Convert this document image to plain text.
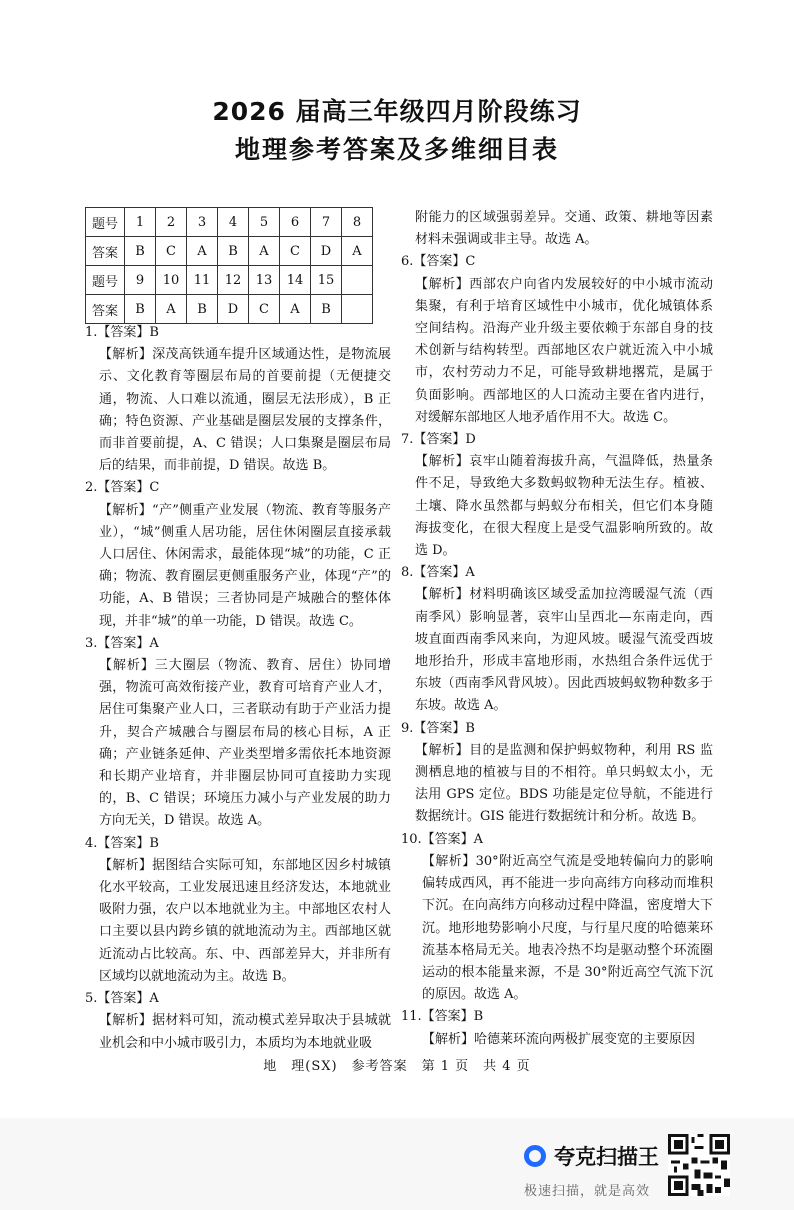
2026 届高三年级四月阶段练习
地理参考答案及多维细目表
题号	1	2	3	4	5	6	7	8
答案	B	C	A	B	A	C	D	A
题号	9	10	11	12	13	14	15	
答案	B	A	B	D	C	A	B	
1.【答案】B
【解析】深茂高铁通车提升区域通达性，是物流展示、文化教育等圈层布局的首要前提（无便捷交通，物流、人口难以流通，圈层无法形成），B 正确；特色资源、产业基础是圈层发展的支撑条件，而非首要前提，A、C 错误；人口集聚是圈层布局后的结果，而非前提，D 错误。故选 B。
2.【答案】C
【解析】“产”侧重产业发展（物流、教育等服务产业），“城”侧重人居功能，居住休闲圈层直接承载人口居住、休闲需求，最能体现“城”的功能，C 正确；物流、教育圈层更侧重服务产业，体现“产”的功能，A、B 错误；三者协同是产城融合的整体体现，并非“城”的单一功能，D 错误。故选 C。
3.【答案】A
【解析】三大圈层（物流、教育、居住）协同增强，物流可高效衔接产业，教育可培育产业人才，居住可集聚产业人口，三者联动有助于产业活力提升，契合产城融合与圈层布局的核心目标，A 正确；产业链条延伸、产业类型增多需依托本地资源和长期产业培育，并非圈层协同可直接助力实现的，B、C 错误；环境压力减小与产业发展的助力方向无关，D 错误。故选 A。
4.【答案】B
【解析】据图结合实际可知，东部地区因乡村城镇化水平较高，工业发展迅速且经济发达，本地就业吸附力强，农户以本地就业为主。中部地区农村人口主要以县内跨乡镇的就地流动为主。西部地区就近流动占比较高。东、中、西部差异大，并非所有区域均以就地流动为主。故选 B。
5.【答案】A
【解析】据材料可知，流动模式差异取决于县城就业机会和中小城市吸引力，本质均为本地就业吸
附能力的区域强弱差异。交通、政策、耕地等因素材料未强调或非主导。故选 A。
6.【答案】C
【解析】西部农户向省内发展较好的中小城市流动集聚，有利于培育区域性中小城市，优化城镇体系空间结构。沿海产业升级主要依赖于东部自身的技术创新与结构转型。西部地区农户就近流入中小城市，农村劳动力不足，可能导致耕地撂荒，是属于负面影响。西部地区的人口流动主要在省内进行，对缓解东部地区人地矛盾作用不大。故选 C。
7.【答案】D
【解析】哀牢山随着海拔升高，气温降低，热量条件不足，导致绝大多数蚂蚁物种无法生存。植被、土壤、降水虽然都与蚂蚁分布相关，但它们本身随海拔变化，在很大程度上是受气温影响所致的。故选 D。
8.【答案】A
【解析】材料明确该区域受孟加拉湾暖湿气流（西南季风）影响显著，哀牢山呈西北—东南走向，西坡直面西南季风来向，为迎风坡。暖湿气流受西坡地形抬升，形成丰富地形雨，水热组合条件远优于东坡（西南季风背风坡）。因此西坡蚂蚁物种数多于东坡。故选 A。
9.【答案】B
【解析】目的是监测和保护蚂蚁物种，利用 RS 监测栖息地的植被与目的不相符。单只蚂蚁太小，无法用 GPS 定位。BDS 功能是定位导航，不能进行数据统计。GIS 能进行数据统计和分析。故选 B。
10.【答案】A
【解析】30°附近高空气流是受地转偏向力的影响偏转成西风，再不能进一步向高纬方向移动而堆积下沉。在向高纬方向移动过程中降温，密度增大下沉。地形地势影响小尺度，与行星尺度的哈德莱环流基本格局无关。地表冷热不均是驱动整个环流圈运动的根本能量来源，不是 30°附近高空气流下沉的原因。故选 A。
11.【答案】B
【解析】哈德莱环流向两极扩展变宽的主要原因
地　理(SX)　参考答案　第 1 页　共 4 页
夸克扫描王
极速扫描，就是高效
